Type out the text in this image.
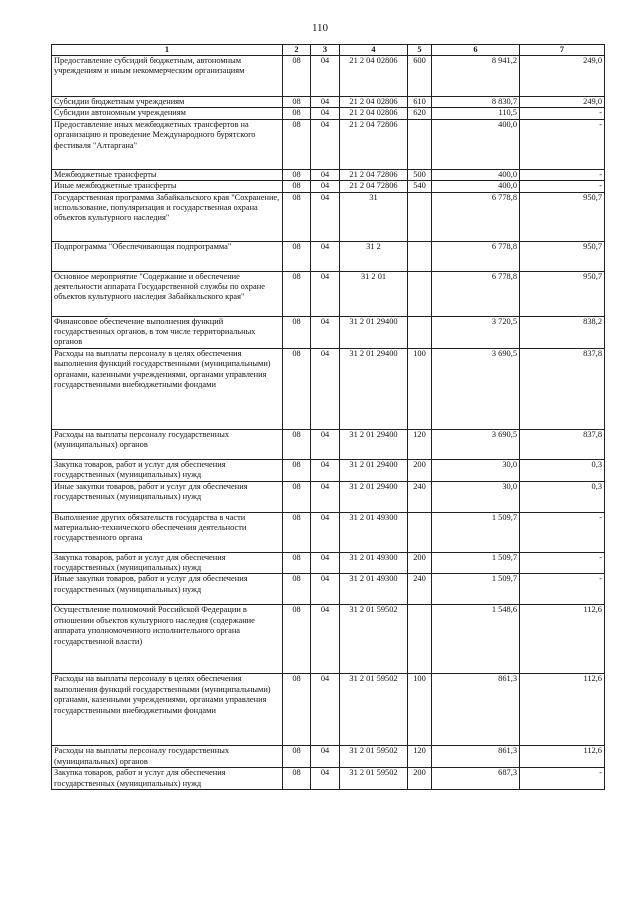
110
1	2	3	4	5	6	7
Предоставление субсидий бюджетным, автономным учреждениям и иным некоммерческим организациям	08	04	21 2 04 02806	600	8 941,2	249,0
Субсидии бюджетным учреждениям	08	04	21 2 04 02806	610	8 830,7	249,0
Субсидии автономным учреждениям	08	04	21 2 04 02806	620	110,5	-
Предоставление иных межбюджетных трансфертов на организацию и проведение Международного бурятского фестиваля "Алтаргана"	08	04	21 2 04 72806		400,0	-
Межбюджетные трансферты	08	04	21 2 04 72806	500	400,0	-
Иные межбюджетные трансферты	08	04	21 2 04 72806	540	400,0	-
Государственная программа Забайкальского края "Сохранение, использование, популяризация и государственная охрана объектов культурного наследия"	08	04	31		6 778,8	950,7
Подпрограмма "Обеспечивающая подпрограмма"	08	04	31 2		6 778,8	950,7
Основное мероприятие "Содержание и обеспечение деятельности аппарата Государственной службы по охране объектов культурного наследия Забайкальского края"	08	04	31 2 01		6 778,8	950,7
Финансовое обеспечение выполнения функций государственных органов, в том числе территориальных органов	08	04	31 2 01 29400		3 720,5	838,2
Расходы на выплаты персоналу в целях обеспечения выполнения функций государственными (муниципальными) органами, казенными учреждениями, органами управления государственными внебюджетными фондами	08	04	31 2 01 29400	100	3 690,5	837,8
Расходы на выплаты персоналу государственных (муниципальных) органов	08	04	31 2 01 29400	120	3 690,5	837,8
Закупка товаров, работ и услуг для обеспечения государственных (муниципальных) нужд	08	04	31 2 01 29400	200	30,0	0,3
Иные закупки товаров, работ и услуг для обеспечения государственных (муниципальных) нужд	08	04	31 2 01 29400	240	30,0	0,3
Выполнение других обязательств государства в части материально-технического обеспечения деятельности государственного органа	08	04	31 2 01 49300		1 509,7	-
Закупка товаров, работ и услуг для обеспечения государственных (муниципальных) нужд	08	04	31 2 01 49300	200	1 509,7	-
Иные закупки товаров, работ и услуг для обеспечения государственных (муниципальных) нужд	08	04	31 2 01 49300	240	1 509,7	-
Осуществление полномочий Российской Федерации в отношении объектов культурного наследия (содержание аппарата уполномоченного исполнительного органа государственной власти)	08	04	31 2 01 59502		1 548,6	112,6
Расходы на выплаты персоналу в целях обеспечения выполнения функций государственными (муниципальными) органами, казенными учреждениями, органами управления государственными внебюджетными фондами	08	04	31 2 01 59502	100	861,3	112,6
Расходы на выплаты персоналу государственных (муниципальных) органов	08	04	31 2 01 59502	120	861,3	112,6
Закупка товаров, работ и услуг для обеспечения государственных (муниципальных) нужд	08	04	31 2 01 59502	200	687,3	-
